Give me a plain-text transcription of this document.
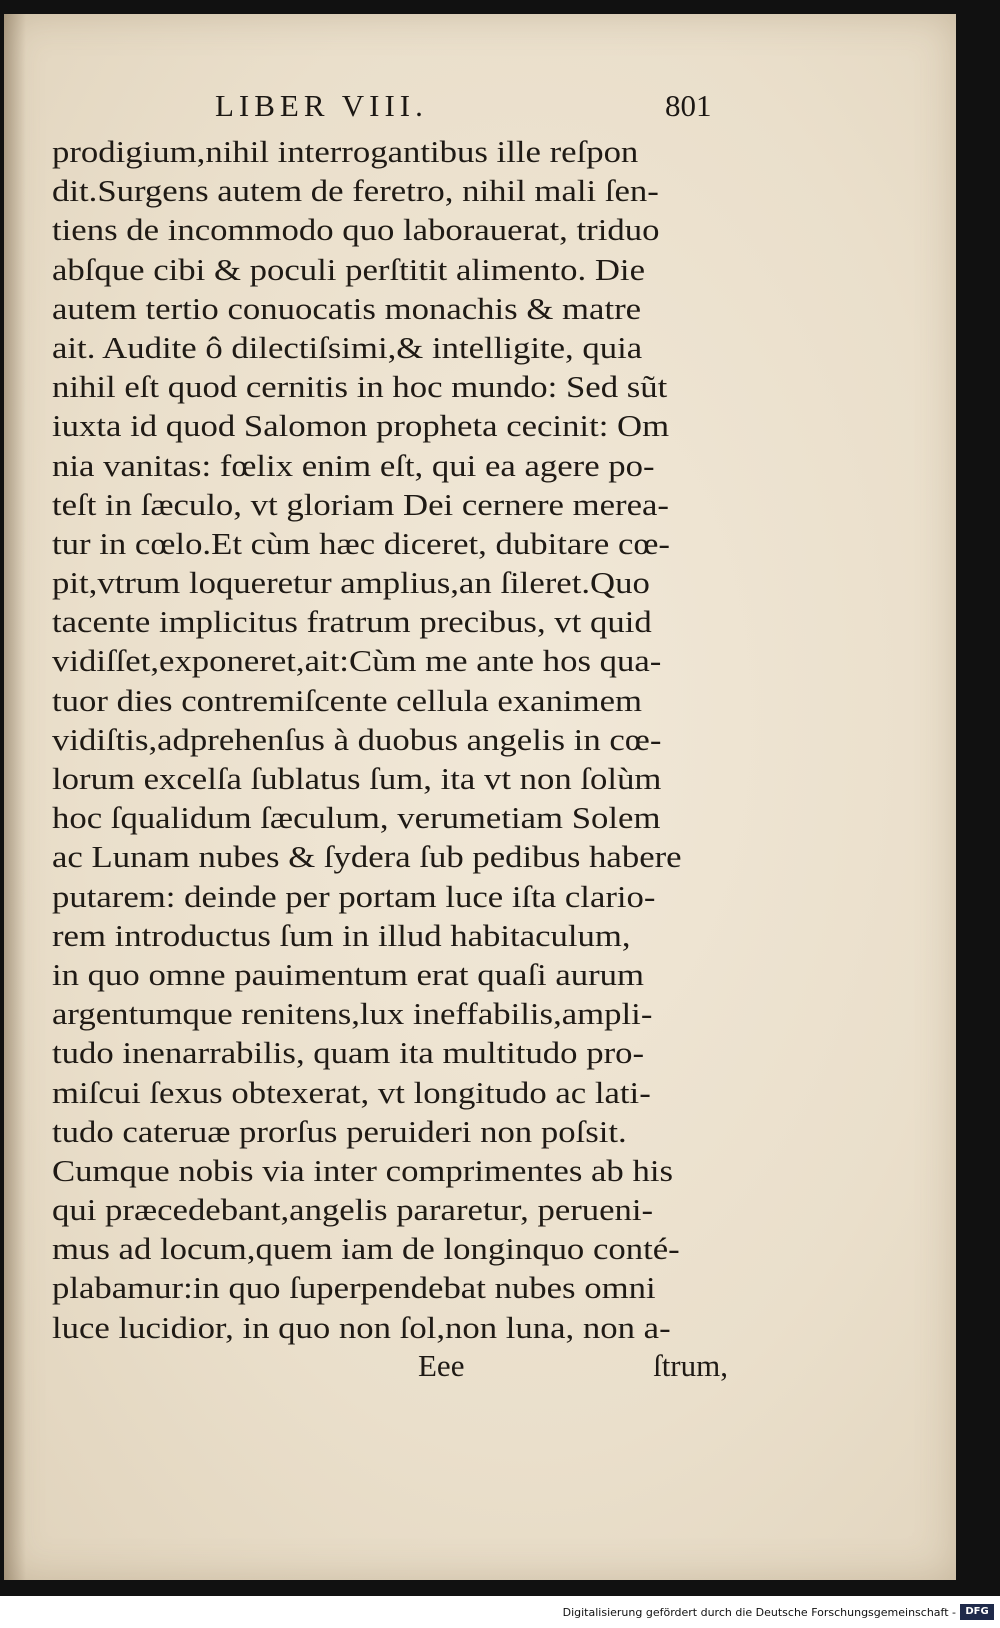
LIBER VIII.	801
prodigium,nihil interrogantibus ille reſpon
dit.Surgens autem de feretro, nihil mali ſen-
tiens de incommodo quo laborauerat, triduo
abſque cibi & poculi perſtitit alimento. Die
autem tertio conuocatis monachis & matre
ait. Audite ô dilectiſsimi,& intelligite, quia
nihil eſt quod cernitis in hoc mundo: Sed sũt
iuxta id quod Salomon propheta cecinit: Om
nia vanitas: fœlix enim eſt, qui ea agere po-
teſt in ſæculo, vt gloriam Dei cernere merea-
tur in cœlo.Et cùm hæc diceret, dubitare cœ-
pit,vtrum loqueretur amplius,an ſileret.Quo
tacente implicitus fratrum precibus, vt quid
vidiſſet,exponeret,ait:Cùm me ante hos qua-
tuor dies contremiſcente cellula exanimem
vidiſtis,adprehenſus à duobus angelis in cœ-
lorum excelſa ſublatus ſum, ita vt non ſolùm
hoc ſqualidum ſæculum, verumetiam Solem
ac Lunam nubes & ſydera ſub pedibus habere
putarem: deinde per portam luce iſta clario-
rem introductus ſum in illud habitaculum,
in quo omne pauimentum erat quaſi aurum
argentumque renitens,lux ineffabilis,ampli-
tudo inenarrabilis, quam ita multitudo pro-
miſcui ſexus obtexerat, vt longitudo ac lati-
tudo cateruæ prorſus peruideri non poſsit.
Cumque nobis via inter comprimentes ab his
qui præcedebant,angelis pararetur, perueni-
mus ad locum,quem iam de longinquo conté-
plabamur:in quo ſuperpendebat nubes omni
luce lucidior, in quo non ſol,non luna, non a-
Eee	ſtrum,
Digitalisierung gefördert durch die Deutsche Forschungsgemeinschaft - DFG
